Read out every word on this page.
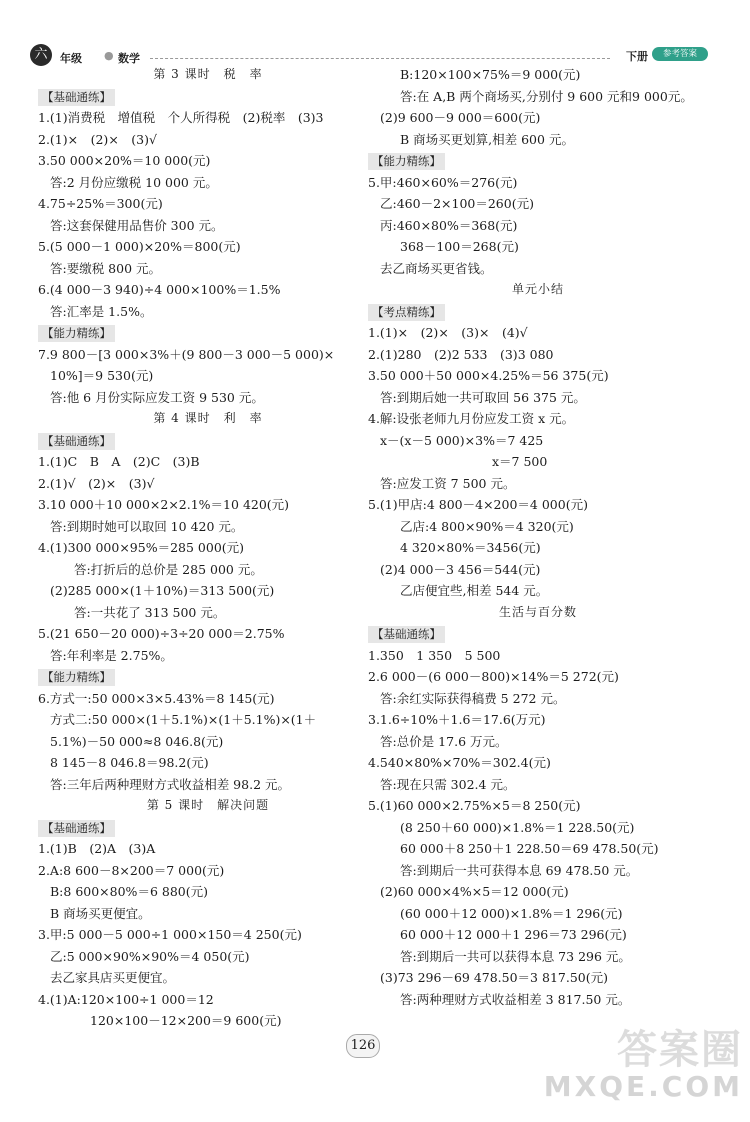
六	年级 ● 数学	下册	参考答案
第 3 课时　税　率
【基础通练】
1.(1)消费税　增值税　个人所得税　(2)税率　(3)3
2.(1)×　(2)×　(3)√
3.50 000×20%＝10 000(元)
答:2 月份应缴税 10 000 元。
4.75÷25%＝300(元)
答:这套保健用品售价 300 元。
5.(5 000－1 000)×20%＝800(元)
答:要缴税 800 元。
6.(4 000－3 940)÷4 000×100%＝1.5%
答:汇率是 1.5%。
【能力精练】
7.9 800－[3 000×3%＋(9 800－3 000－5 000)×
10%]＝9 530(元)
答:他 6 月份实际应发工资 9 530 元。
第 4 课时　利　率
【基础通练】
1.(1)C　B　A　(2)C　(3)B
2.(1)√　(2)×　(3)√
3.10 000＋10 000×2×2.1%＝10 420(元)
答:到期时她可以取回 10 420 元。
4.(1)300 000×95%＝285 000(元)
答:打折后的总价是 285 000 元。
(2)285 000×(1＋10%)＝313 500(元)
答:一共花了 313 500 元。
5.(21 650－20 000)÷3÷20 000＝2.75%
答:年利率是 2.75%。
【能力精练】
6.方式一:50 000×3×5.43%＝8 145(元)
方式二:50 000×(1＋5.1%)×(1＋5.1%)×(1＋
5.1%)－50 000≈8 046.8(元)
8 145－8 046.8＝98.2(元)
答:三年后两种理财方式收益相差 98.2 元。
第 5 课时　解决问题
【基础通练】
1.(1)B　(2)A　(3)A
2.A:8 600－8×200＝7 000(元)
B:8 600×80%＝6 880(元)
B 商场买更便宜。
3.甲:5 000－5 000÷1 000×150＝4 250(元)
乙:5 000×90%×90%＝4 050(元)
去乙家具店买更便宜。
4.(1)A:120×100÷1 000＝12
120×100－12×200＝9 600(元)
B:120×100×75%＝9 000(元)
答:在 A,B 两个商场买,分别付 9 600 元和9 000元。
(2)9 600－9 000＝600(元)
B 商场买更划算,相差 600 元。
【能力精练】
5.甲:460×60%＝276(元)
乙:460－2×100＝260(元)
丙:460×80%＝368(元)
368－100＝268(元)
去乙商场买更省钱。
单元小结
【考点精练】
1.(1)×　(2)×　(3)×　(4)√
2.(1)280　(2)2 533　(3)3 080
3.50 000＋50 000×4.25%＝56 375(元)
答:到期后她一共可取回 56 375 元。
4.解:设张老师九月份应发工资 x 元。
x－(x－5 000)×3%＝7 425
x＝7 500
答:应发工资 7 500 元。
5.(1)甲店:4 800－4×200＝4 000(元)
乙店:4 800×90%＝4 320(元)
4 320×80%＝3456(元)
(2)4 000－3 456＝544(元)
乙店便宜些,相差 544 元。
生活与百分数
【基础通练】
1.350　1 350　5 500
2.6 000－(6 000－800)×14%＝5 272(元)
答:余红实际获得稿费 5 272 元。
3.1.6÷10%＋1.6＝17.6(万元)
答:总价是 17.6 万元。
4.540×80%×70%＝302.4(元)
答:现在只需 302.4 元。
5.(1)60 000×2.75%×5＝8 250(元)
(8 250＋60 000)×1.8%＝1 228.50(元)
60 000＋8 250＋1 228.50＝69 478.50(元)
答:到期后一共可获得本息 69 478.50 元。
(2)60 000×4%×5＝12 000(元)
(60 000＋12 000)×1.8%＝1 296(元)
60 000＋12 000＋1 296＝73 296(元)
答:到期后一共可以获得本息 73 296 元。
(3)73 296－69 478.50＝3 817.50(元)
答:两种理财方式收益相差 3 817.50 元。
126	答案圈
MXQE.COM
